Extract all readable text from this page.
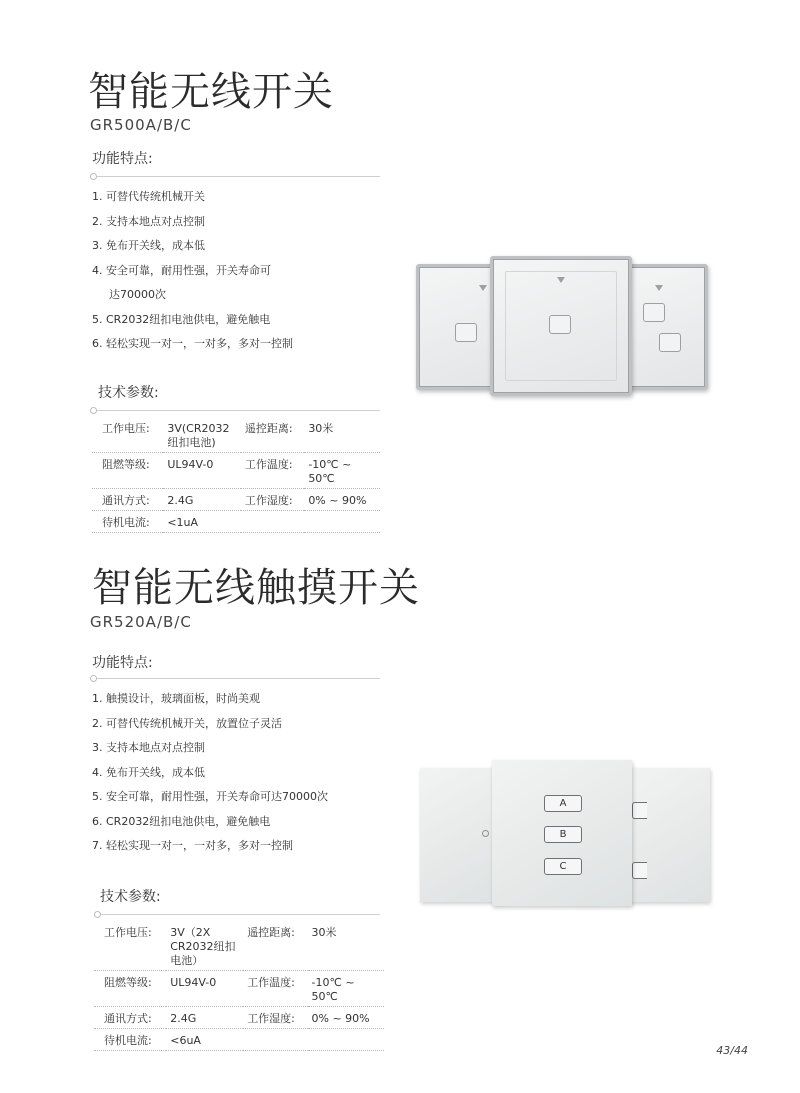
智能无线开关
GR500A/B/C
功能特点:
1. 可替代传统机械开关
2. 支持本地点对点控制
3. 免布开关线，成本低
4. 安全可靠，耐用性强，开关寿命可
达70000次
5. CR2032纽扣电池供电，避免触电
6. 轻松实现一对一，一对多，多对一控制
技术参数:
工作电压:	3V(CR2032纽扣电池)	遥控距离:	30米
阻燃等级:	UL94V-0	工作温度:	-10℃ ~ 50℃
通讯方式:	2.4G	工作湿度:	0% ~ 90%
待机电流:	<1uA		
智能无线触摸开关
GR520A/B/C
功能特点:
1. 触摸设计，玻璃面板，时尚美观
2. 可替代传统机械开关，放置位子灵活
3. 支持本地点对点控制
4. 免布开关线，成本低
5. 安全可靠，耐用性强，开关寿命可达70000次
6. CR2032纽扣电池供电，避免触电
7. 轻松实现一对一，一对多，多对一控制
技术参数:
工作电压:	3V（2X CR2032纽扣电池）	遥控距离:	30米
阻燃等级:	UL94V-0	工作温度:	-10℃ ~ 50℃
通讯方式:	2.4G	工作湿度:	0% ~ 90%
待机电流:	<6uA		
A
B
C
43/44
